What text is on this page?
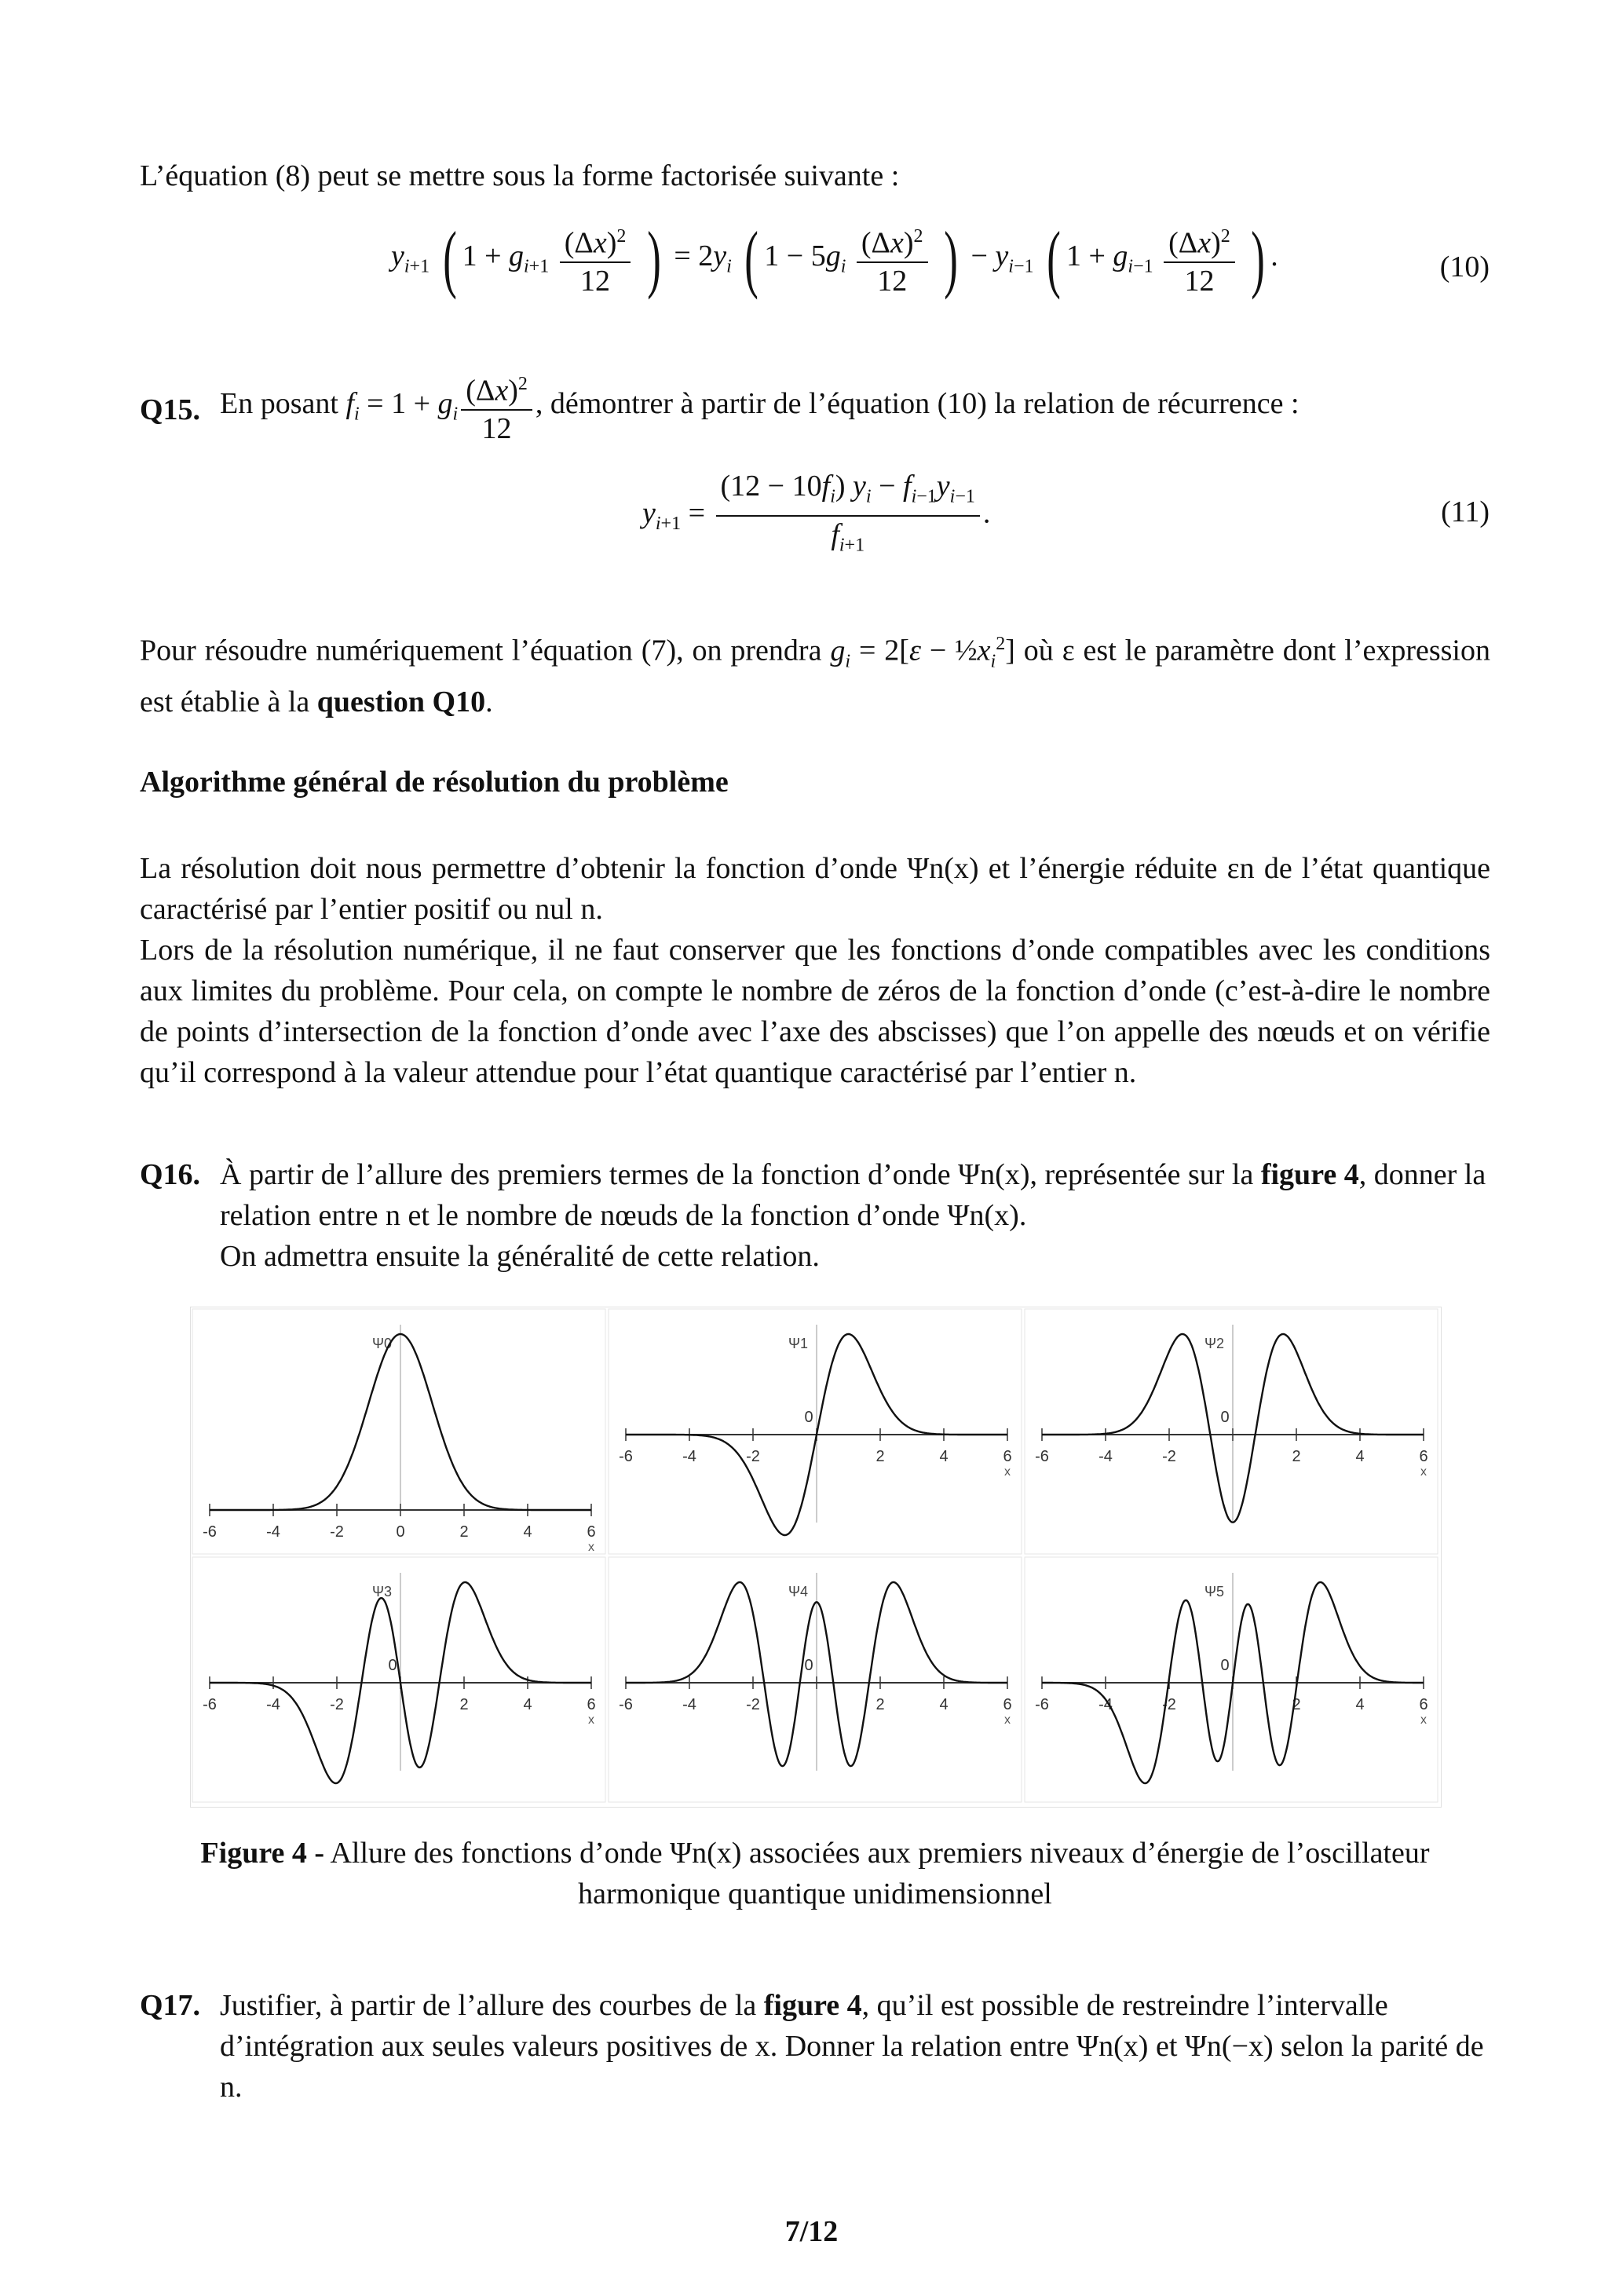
L’équation (8) peut se mettre sous la forme factorisée suivante :

$y_{i+1}$ ( $1 + g_{i+1} \frac{(\Delta x)^2}{12}$ ) = $2y_i$ ( $1 - 5g_i \frac{(\Delta x)^2}{12}$ ) − $y_{i-1}$ ( $1 + g_{i-1} \frac{(\Delta x)^2}{12}$ ) .	(10)
Q15. En posant $f_i = 1 + g_i \frac{(\Delta x)^2}{12}$ , démontrer à partir de l’équation (10) la relation de récurrence :
$y_{i+1} = \frac{(12 - 10f_i) y_i - f_{i-1}y_{i-1}}{f_{i+1}}$ .	(11)
Pour résoudre numériquement l’équation (7), on prendra $g_i = 2[\varepsilon$ − $\frac{1}{2}x_i^2$] où ε est le paramètre dont l’expression est établie à la question Q10.
Algorithme général de résolution du problème

La résolution doit nous permettre d’obtenir la fonction d’onde Ψn(x) et l’énergie réduite εn de l’état quantique caractérisé par l’entier positif ou nul n.

Lors de la résolution numérique, il ne faut conserver que les fonctions d’onde compatibles avec les conditions aux limites du problème. Pour cela, on compte le nombre de zéros de la fonction d’onde (c’est-à-dire le nombre de points d’intersection de la fonction d’onde avec l’axe des abscisses) que l’on appelle des nœuds et on vérifie qu’il correspond à la valeur attendue pour l’état quantique caractérisé par l’entier n.

Q16. À partir de l’allure des premiers termes de la fonction d’onde Ψn(x), représentée sur la figure 4, donner la relation entre n et le nombre de nœuds de la fonction d’onde Ψn(x).
On admettra ensuite la généralité de cette relation.
-6	-4	-2	0	2	4	6
x
Ψ0
-6	-4	-2
0
2	4	6
x
Ψ1
-6	-4	-2
0
2	4	6
x
Ψ2
-6	-4	-2
0
2	4	6
x
Ψ3
-6	-4	-2
0
2	4	6
x
Ψ4
-6	-4	-2
0
2	4	6
x
Ψ5
Figure 4 - Allure des fonctions d’onde Ψn(x) associées aux premiers niveaux d’énergie de l’oscillateur harmonique quantique unidimensionnel
Q17. Justifier, à partir de l’allure des courbes de la figure 4, qu’il est possible de restreindre l’intervalle d’intégration aux seules valeurs positives de x. Donner la relation entre Ψn(x) et Ψn(−x) selon la parité de n.
7/12
